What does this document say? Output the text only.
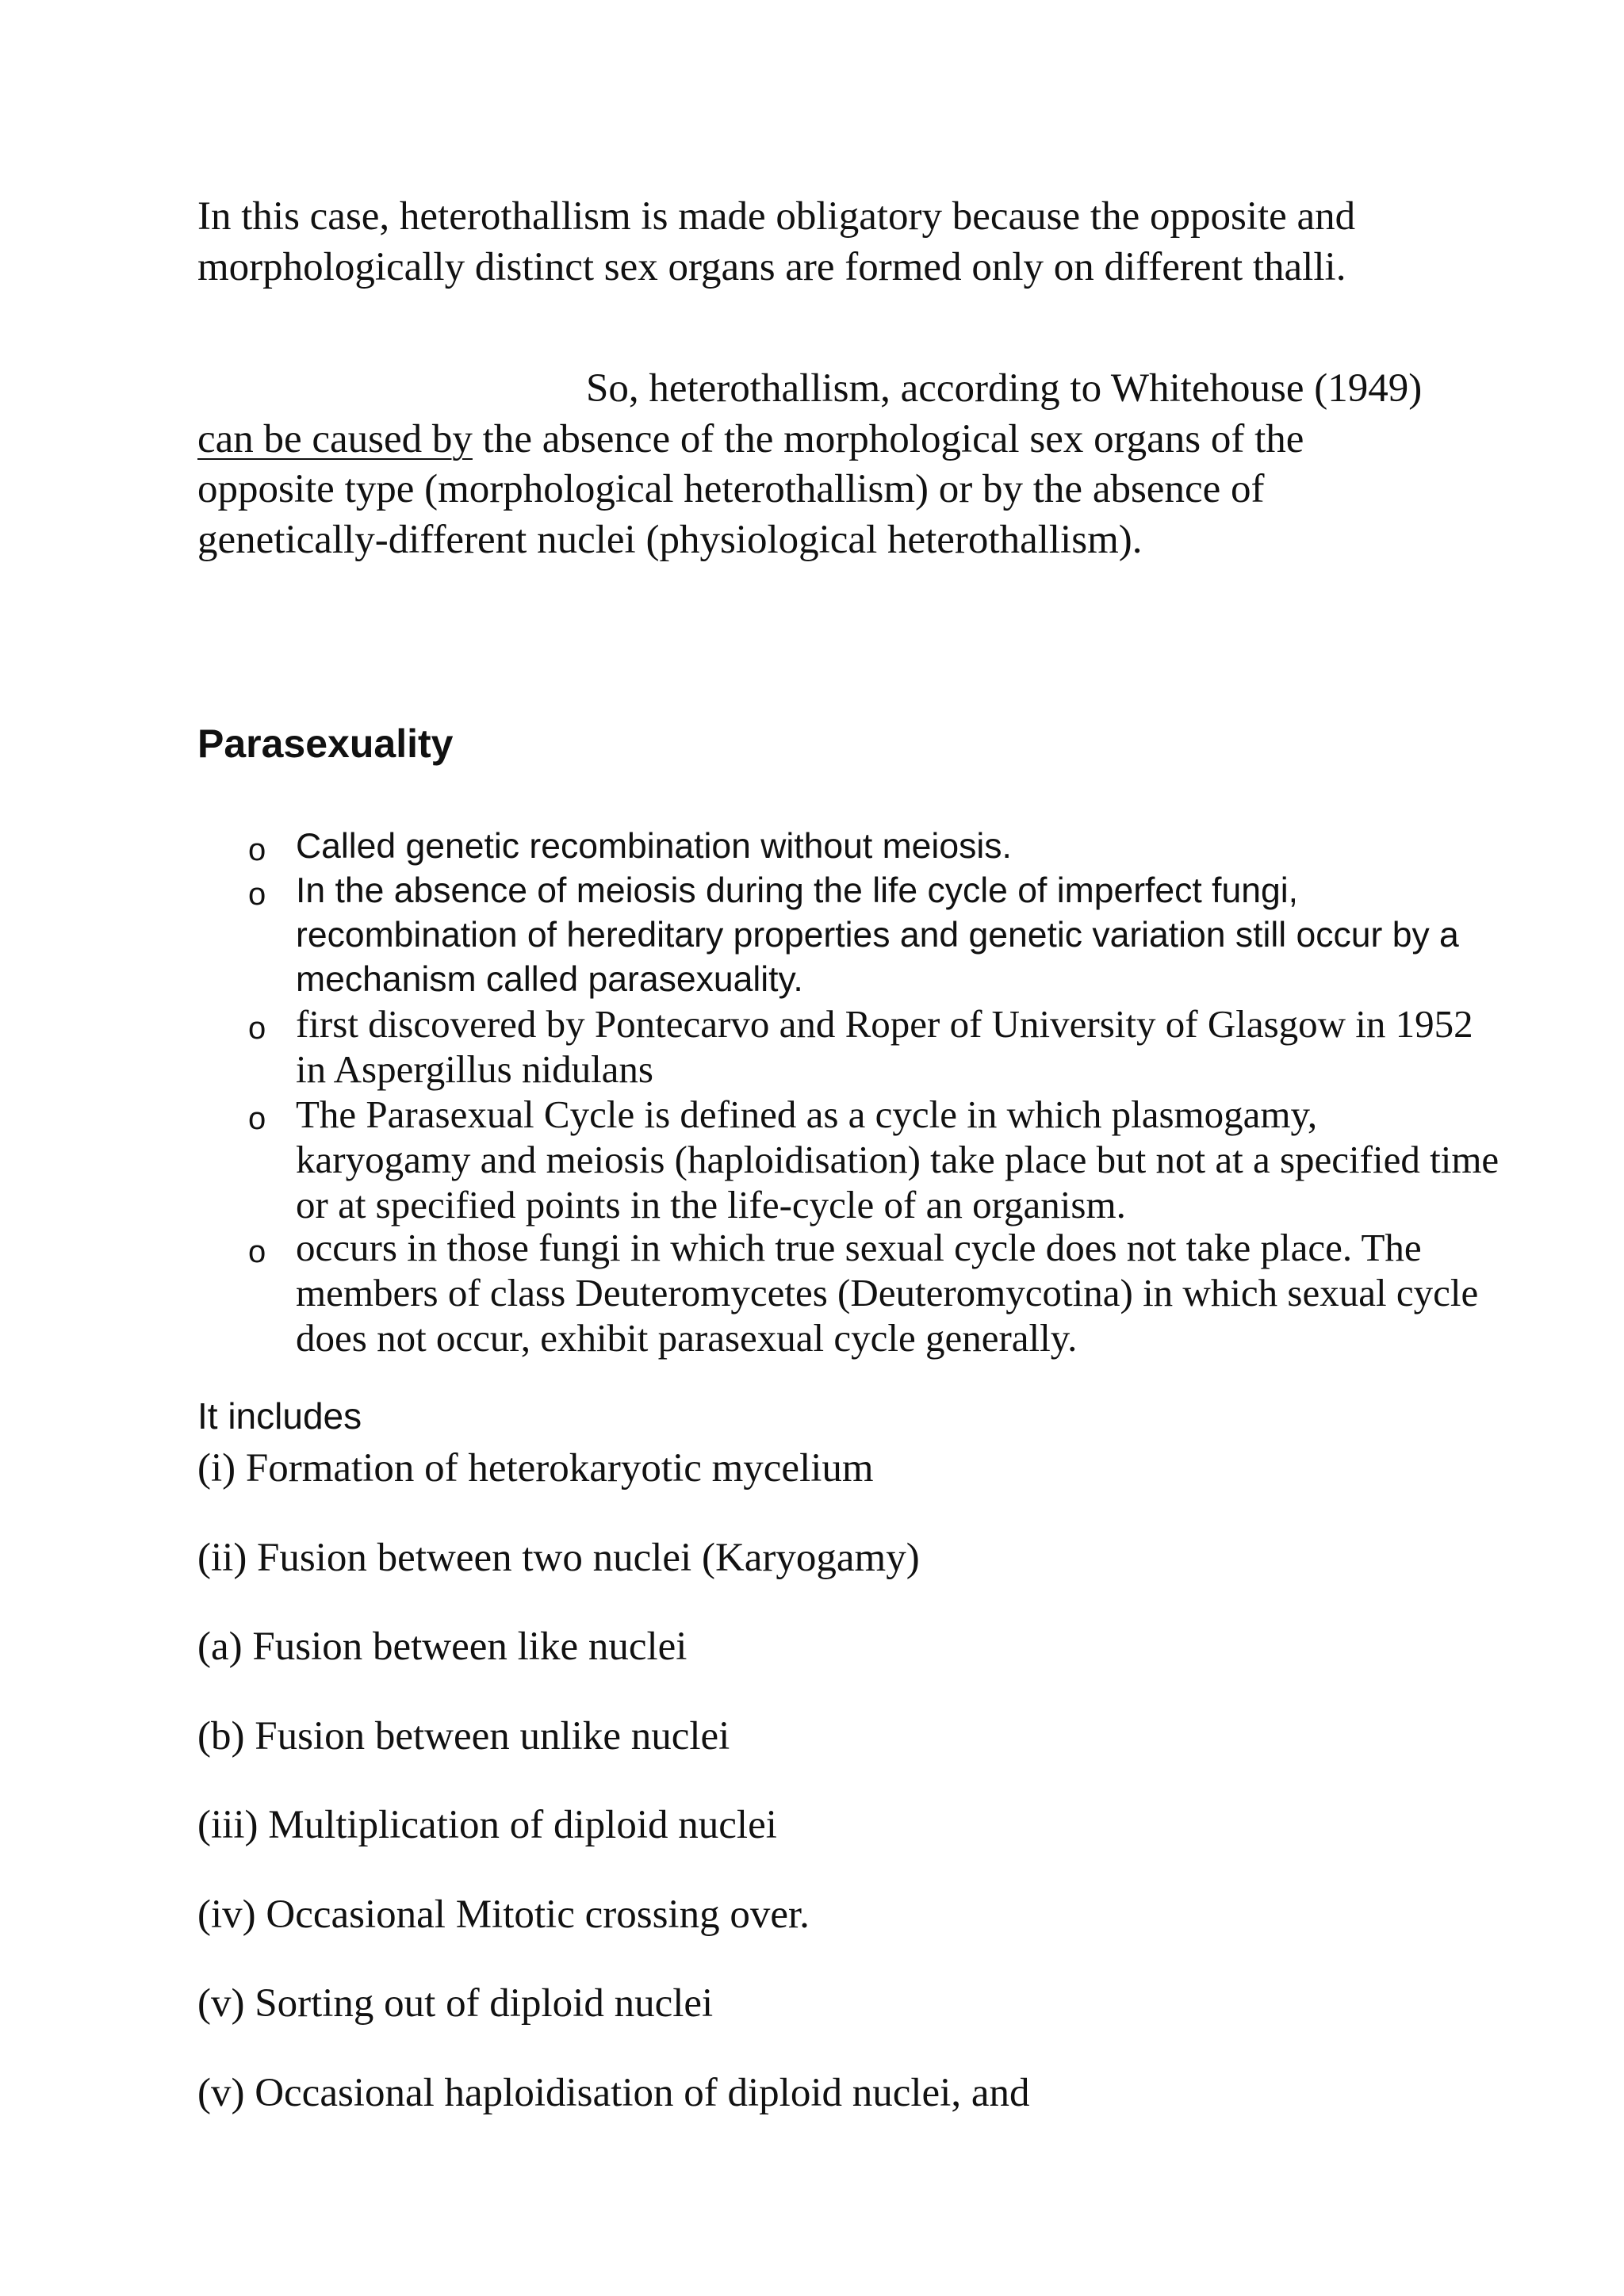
In this case, heterothallism is made obligatory because the opposite and morphologically distinct sex organs are formed only on different thalli.

So, heterothallism, according to Whitehouse (1949) can be caused by the absence of the morphological sex organs of the opposite type (morphological heterothallism) or by the absence of genetically-different nuclei (physiological heterothallism).

Parasexuality
o Called genetic recombination without meiosis.

o In the absence of meiosis during the life cycle of imperfect fungi, recombination of hereditary properties and genetic variation still occur by a mechanism called parasexuality.

o first discovered by Pontecarvo and Roper of University of Glasgow in 1952 in Aspergillus nidulans

o The Parasexual Cycle is defined as a cycle in which plasmogamy, karyogamy and meiosis (haploidisation) take place but not at a specified time or at specified points in the life-cycle of an organism.

o occurs in those fungi in which true sexual cycle does not take place. The members of class Deuteromycetes (Deuteromycotina) in which sexual cycle does not occur, exhibit parasexual cycle generally.

It includes

(i) Formation of heterokaryotic mycelium

(ii) Fusion between two nuclei (Karyogamy)

(a) Fusion between like nuclei

(b) Fusion between unlike nuclei

(iii) Multiplication of diploid nuclei

(iv) Occasional Mitotic crossing over.

(v) Sorting out of diploid nuclei

(v) Occasional haploidisation of diploid nuclei, and
